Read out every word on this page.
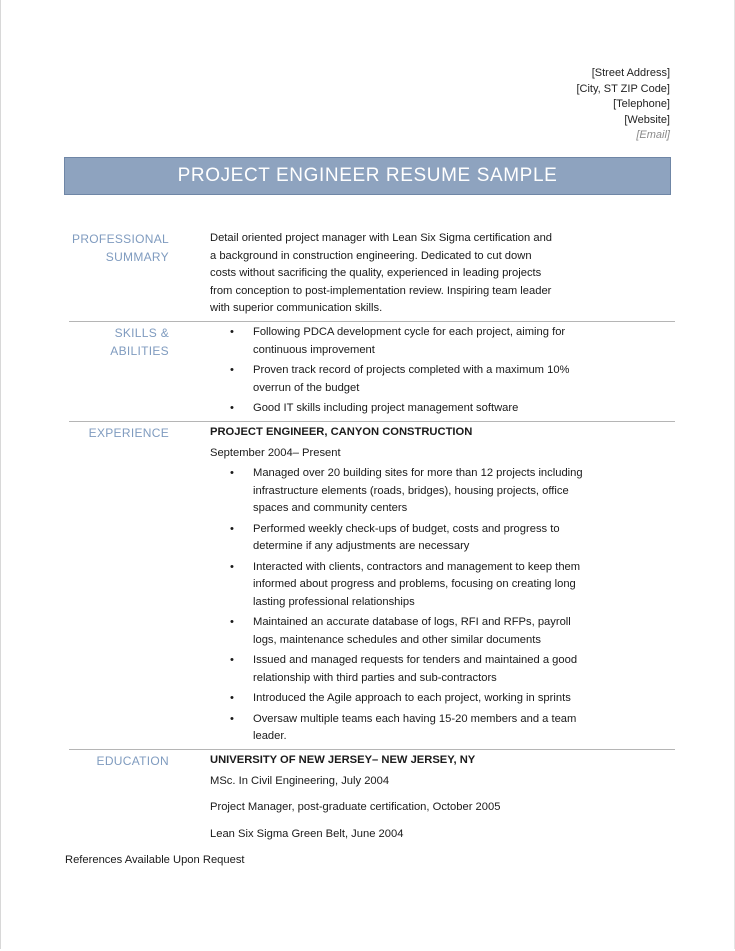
[Street Address]
[City, ST ZIP Code]
[Telephone]
[Website]
[Email]
PROJECT ENGINEER RESUME SAMPLE
PROFESSIONAL
SUMMARY

Detail oriented project manager with Lean Six Sigma certification and a background in construction engineering. Dedicated to cut down costs without sacrificing the quality, experienced in leading projects from conception to post-implementation review. Inspiring team leader with superior communication skills.

SKILLS & ABILITIES
• Following PDCA development cycle for each project, aiming for continuous improvement
• Proven track record of projects completed with a maximum 10% overrun of the budget
• Good IT skills including project management software
EXPERIENCE	PROJECT ENGINEER, CANYON CONSTRUCTION

September 2004– Present

• Managed over 20 building sites for more than 12 projects including infrastructure elements (roads, bridges), housing projects, office spaces and community centers
• Performed weekly check-ups of budget, costs and progress to determine if any adjustments are necessary
• Interacted with clients, contractors and management to keep them informed about progress and problems, focusing on creating long lasting professional relationships
• Maintained an accurate database of logs, RFI and RFPs, payroll logs, maintenance schedules and other similar documents
• Issued and managed requests for tenders and maintained a good relationship with third parties and sub-contractors
• Introduced the Agile approach to each project, working in sprints
• Oversaw multiple teams each having 15-20 members and a team leader.
EDUCATION	UNIVERSITY OF NEW JERSEY– NEW JERSEY, NY

MSc. In Civil Engineering, July 2004

Project Manager, post-graduate certification, October 2005

Lean Six Sigma Green Belt, June 2004

References Available Upon Request
